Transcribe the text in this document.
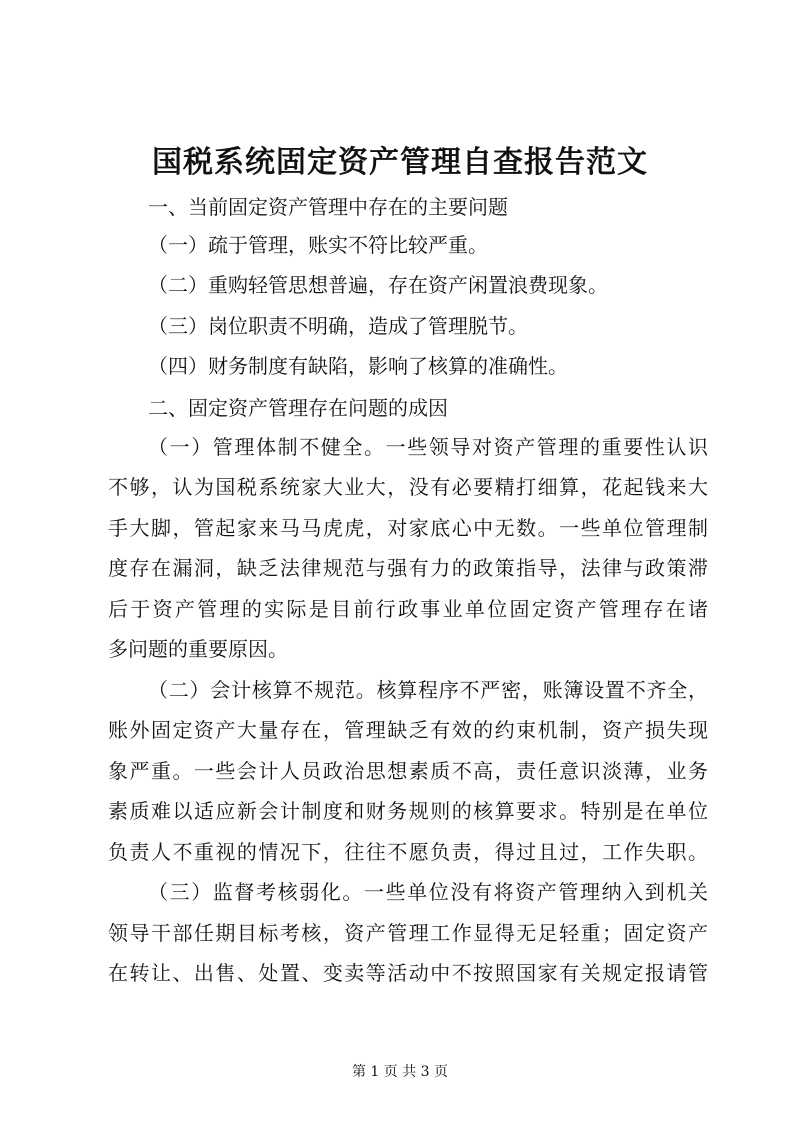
国税系统固定资产管理自查报告范文
一、当前固定资产管理中存在的主要问题
（一）疏于管理，账实不符比较严重。
（二）重购轻管思想普遍，存在资产闲置浪费现象。
（三）岗位职责不明确，造成了管理脱节。
（四）财务制度有缺陷，影响了核算的准确性。
二、固定资产管理存在问题的成因
（一）管理体制不健全。一些领导对资产管理的重要性认识
不够，认为国税系统家大业大，没有必要精打细算，花起钱来大
手大脚，管起家来马马虎虎，对家底心中无数。一些单位管理制
度存在漏洞，缺乏法律规范与强有力的政策指导，法律与政策滞
后于资产管理的实际是目前行政事业单位固定资产管理存在诸
多问题的重要原因。
（二）会计核算不规范。核算程序不严密，账簿设置不齐全，
账外固定资产大量存在，管理缺乏有效的约束机制，资产损失现
象严重。一些会计人员政治思想素质不高，责任意识淡薄，业务
素质难以适应新会计制度和财务规则的核算要求。特别是在单位
负责人不重视的情况下，往往不愿负责，得过且过，工作失职。
（三）监督考核弱化。一些单位没有将资产管理纳入到机关
领导干部任期目标考核，资产管理工作显得无足轻重；固定资产
在转让、出售、处置、变卖等活动中不按照国家有关规定报请管
第 1 页 共 3 页
